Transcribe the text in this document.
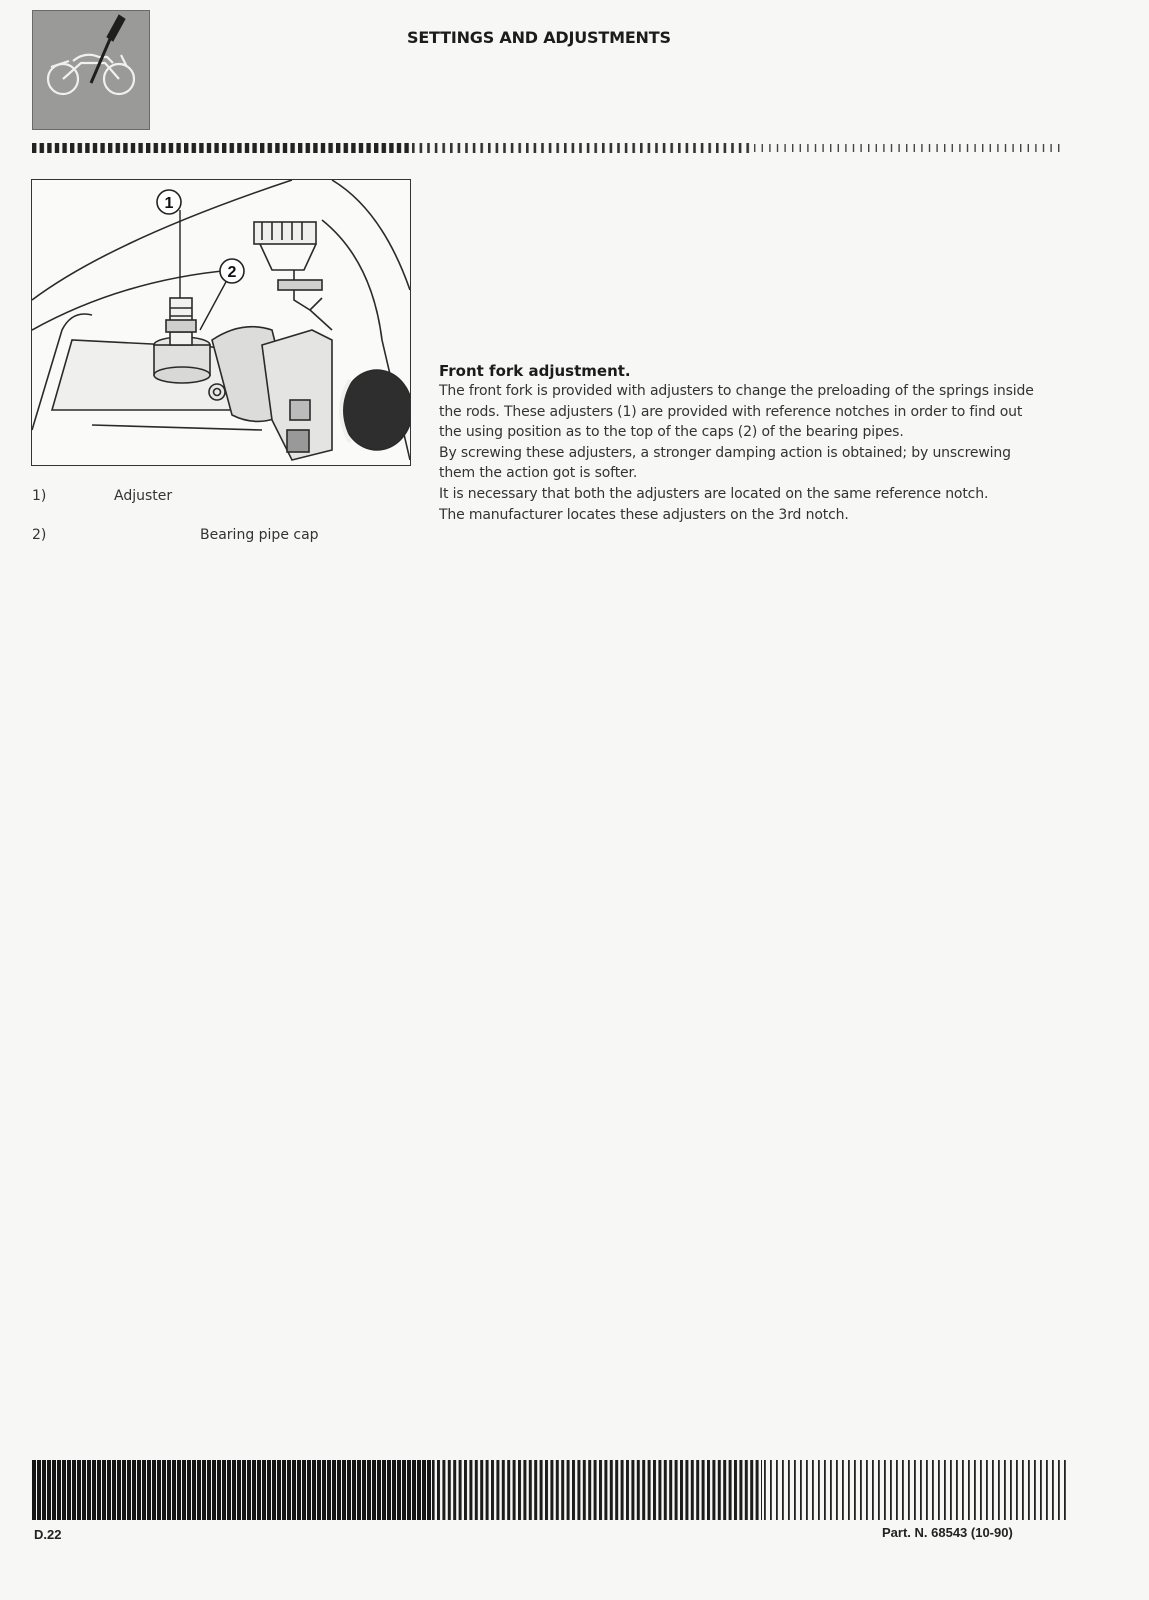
SETTINGS AND ADJUSTMENTS
1
2
1)	Adjuster
2)	Bearing pipe cap
Front fork adjustment.

The front fork is provided with adjusters to change the preloading of the springs inside the rods. These adjusters (1) are provided with reference notches in order to find out the using position as to the top of the caps (2) of the bearing pipes.

By screwing these adjusters, a stronger damping action is obtained; by unscrewing them the action got is softer.

It is necessary that both the adjusters are located on the same reference notch.

The manufacturer locates these adjusters on the 3rd notch.

D.22	Part. N. 68543 (10-90)
